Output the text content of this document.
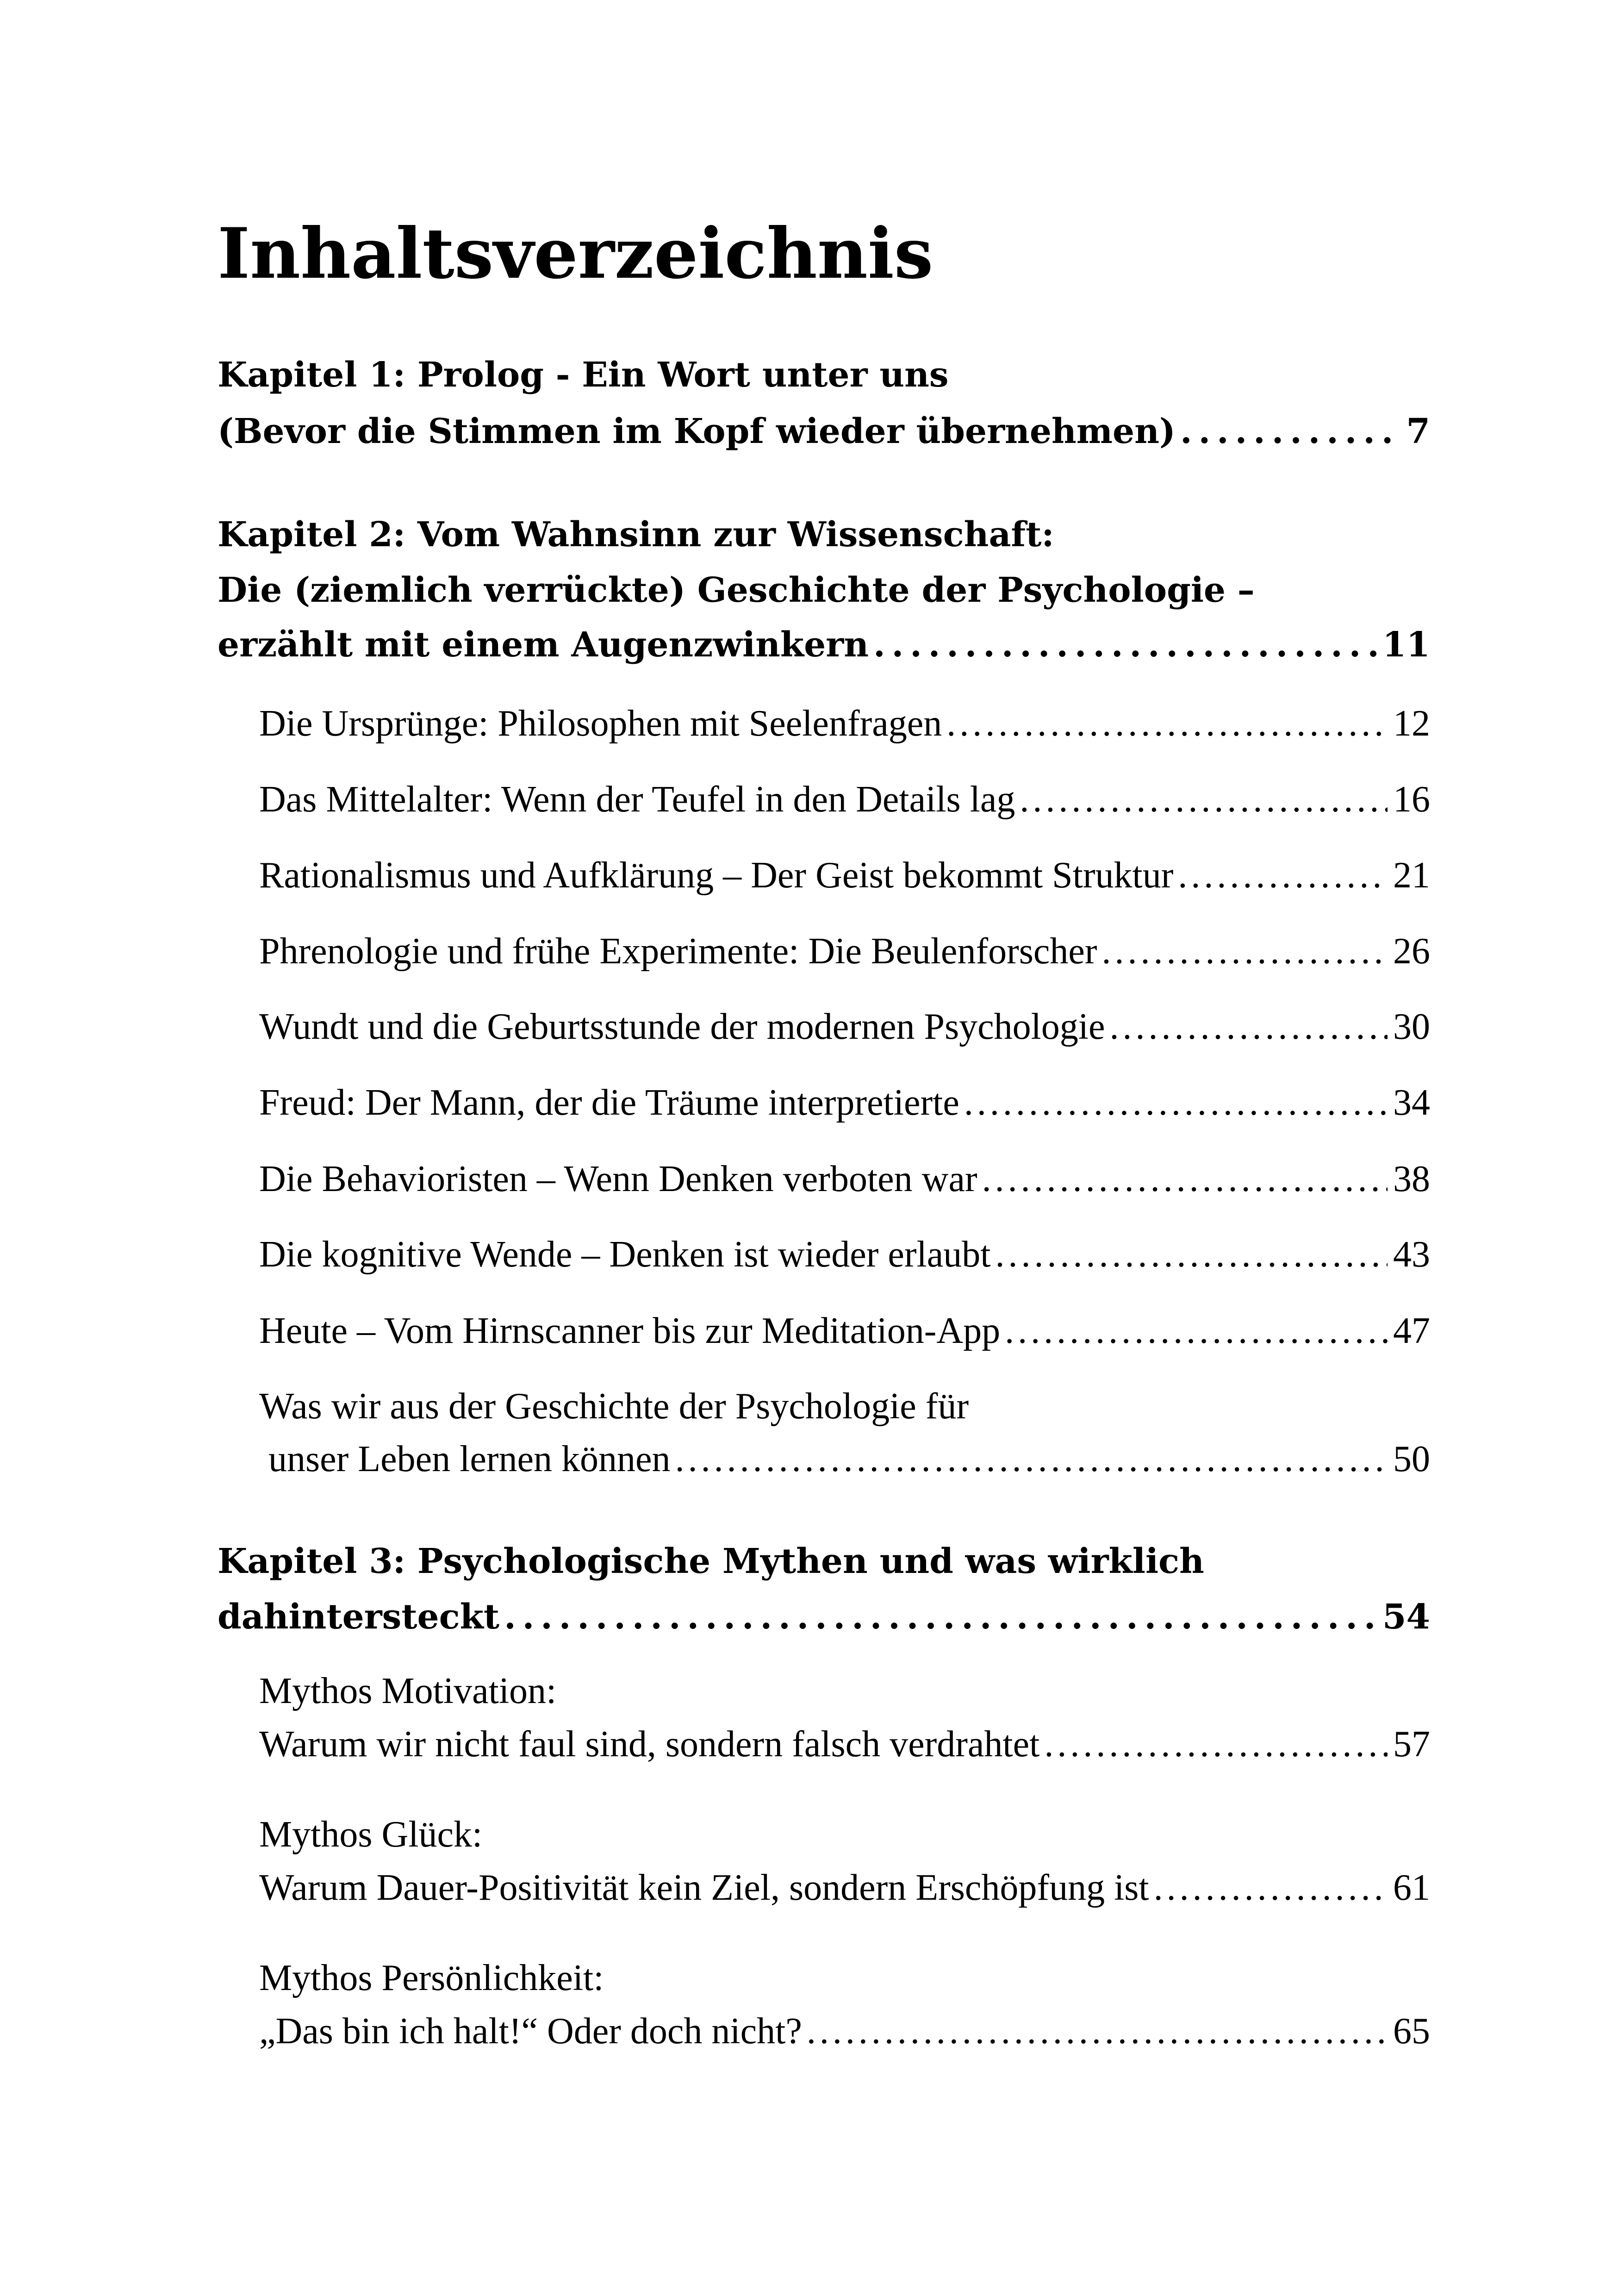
Inhaltsverzeichnis
Kapitel 1: Prolog - Ein Wort unter uns
(Bevor die Stimmen im Kopf wieder übernehmen) . . .	7
Kapitel 2: Vom Wahnsinn zur Wissenschaft:
Die (ziemlich verrückte) Geschichte der Psychologie –
erzählt mit einem Augenzwinkern . . .	11
Die Ursprünge: Philosophen mit Seelenfragen . . .	12
Das Mittelalter: Wenn der Teufel in den Details lag . . .	16
Rationalismus und Aufklärung – Der Geist bekommt Struktur . . .	21
Phrenologie und frühe Experimente: Die Beulenforscher . . .	26
Wundt und die Geburtsstunde der modernen Psychologie . . .	30
Freud: Der Mann, der die Träume interpretierte . . .	34
Die Behavioristen – Wenn Denken verboten war . . .	38
Die kognitive Wende – Denken ist wieder erlaubt . . .	43
Heute – Vom Hirnscanner bis zur Meditation-App . . .	47
Was wir aus der Geschichte der Psychologie für
unser Leben lernen können . . .	50
Kapitel 3: Psychologische Mythen und was wirklich
dahintersteckt . . .	54
Mythos Motivation:
Warum wir nicht faul sind, sondern falsch verdrahtet . . .	57
Mythos Glück:
Warum Dauer-Positivität kein Ziel, sondern Erschöpfung ist . . .	61
Mythos Persönlichkeit:
„Das bin ich halt!“ Oder doch nicht? . . .	65
